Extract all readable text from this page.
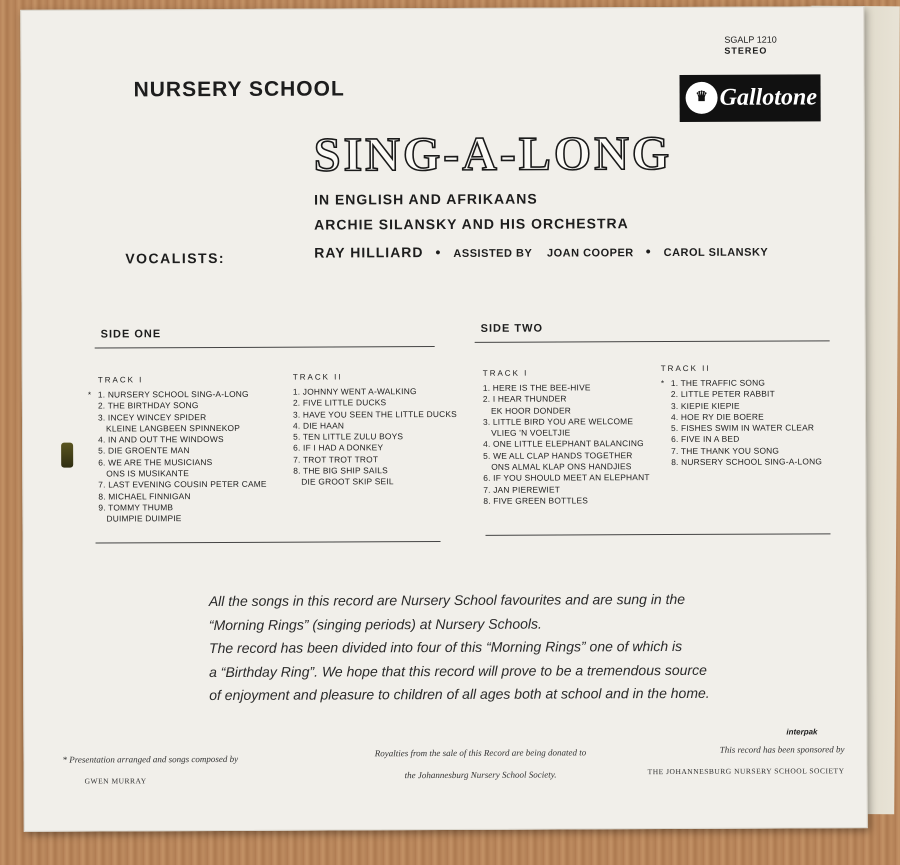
NURSERY SCHOOL
SGALP 1210
STEREO
♛ Gallotone
SING-A-LONG
IN ENGLISH AND AFRIKAANS
ARCHIE SILANSKY AND HIS ORCHESTRA
VOCALISTS:	RAY HILLIARD • ASSISTED BY JOAN COOPER • CAROL SILANSKY
SIDE ONE
TRACK I
* 1. NURSERY SCHOOL SING-A-LONG
2. THE BIRTHDAY SONG
3. INCEY WINCEY SPIDER
KLEINE LANGBEEN SPINNEKOP
4. IN AND OUT THE WINDOWS
5. DIE GROENTE MAN
6. WE ARE THE MUSICIANS
ONS IS MUSIKANTE
7. LAST EVENING COUSIN PETER CAME
8. MICHAEL FINNIGAN
9. TOMMY THUMB
DUIMPIE DUIMPIE
TRACK II
1. JOHNNY WENT A-WALKING
2. FIVE LITTLE DUCKS
3. HAVE YOU SEEN THE LITTLE DUCKS
4. DIE HAAN
5. TEN LITTLE ZULU BOYS
6. IF I HAD A DONKEY
7. TROT TROT TROT
8. THE BIG SHIP SAILS
DIE GROOT SKIP SEIL
SIDE TWO
TRACK I
1. HERE IS THE BEE-HIVE
2. I HEAR THUNDER
EK HOOR DONDER
3. LITTLE BIRD YOU ARE WELCOME
VLIEG 'N VOELTJIE
4. ONE LITTLE ELEPHANT BALANCING
5. WE ALL CLAP HANDS TOGETHER
ONS ALMAL KLAP ONS HANDJIES
6. IF YOU SHOULD MEET AN ELEPHANT
7. JAN PIEREWIET
8. FIVE GREEN BOTTLES
TRACK II
* 1. THE TRAFFIC SONG
2. LITTLE PETER RABBIT
3. KIEPIE KIEPIE
4. HOE RY DIE BOERE
5. FISHES SWIM IN WATER CLEAR
6. FIVE IN A BED
7. THE THANK YOU SONG
8. NURSERY SCHOOL SING-A-LONG
All the songs in this record are Nursery School favourites and are sung in the
“Morning Rings” (singing periods) at Nursery Schools.
The record has been divided into four of this “Morning Rings” one of which is
a “Birthday Ring”. We hope that this record will prove to be a tremendous source
of enjoyment and pleasure to children of all ages both at school and in the home.
interpak
* Presentation arranged and songs composed by
GWEN MURRAY
Royalties from the sale of this Record are being donated to
the Johannesburg Nursery School Society.
This record has been sponsored by
THE JOHANNESBURG NURSERY SCHOOL SOCIETY
